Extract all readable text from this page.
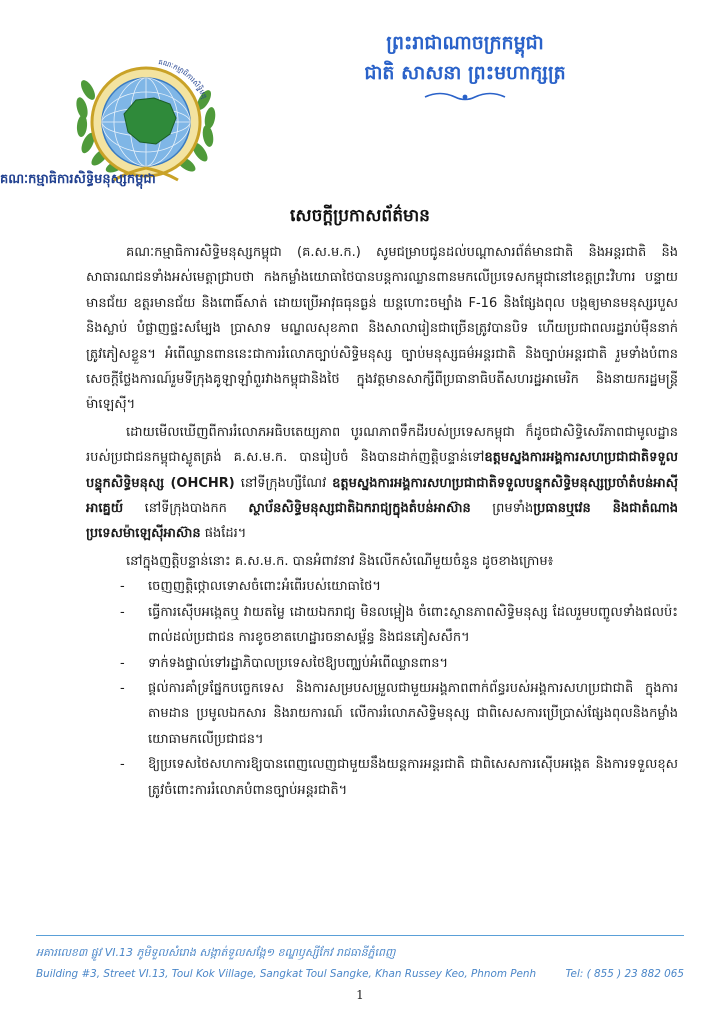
គណៈកម្មាធិការសិទ្ធិមនុស្សកម្ពុជា
គណៈកម្មាធិការសិទ្ធិមនុស្សកម្ពុជា
ព្រះរាជាណាចក្រកម្ពុជា
ជាតិ សាសនា ព្រះមហាក្សត្រ
សេចក្តីប្រកាសព័ត៌មាន

គណៈកម្មាធិការសិទ្ធិមនុស្សកម្ពុជា (គ.ស.ម.ក.) សូមជម្រាបជូនដល់បណ្តាសារព័ត៌មានជាតិ និងអន្តរជាតិ និងសាធារណជនទាំងអស់មេត្តាជ្រាបថា កងកម្លាំងយោធាថៃបានបន្តការឈ្លានពានមកលើប្រទេសកម្ពុជានៅខេត្តព្រះវិហារ បន្ទាយមានជ័យ ឧត្តរមានជ័យ និងពោធិ៍សាត់ ដោយប្រើអាវុធធុនធ្ងន់ យន្តហោះចម្បាំង F-16 និងផ្សែងពុល បង្កឲ្យមានមនុស្សរបួសនិងស្លាប់ បំផ្លាញផ្ទះសម្បែង ប្រាសាទ មណ្ឌលសុខភាព និងសាលារៀនជាច្រើនត្រូវបានបិទ ហើយប្រជាពលរដ្ឋរាប់ម៉ឺននាក់ត្រូវភៀសខ្លួន។ អំពើឈ្លានពាននេះជាការរំលោភច្បាប់សិទ្ធិមនុស្ស ច្បាប់មនុស្សធម៌អន្តរជាតិ និងច្បាប់អន្តរជាតិ រួមទាំងបំពានសេចក្តីថ្លែងការណ៍រួមទីក្រុងគូឡាឡាំពួរវាងកម្ពុជានិងថៃ ក្នុងវត្តមានសាក្សីពីប្រធានាធិបតីសហរដ្ឋអាមេរិក និងនាយករដ្ឋមន្ត្រីម៉ាឡេស៊ី។

ដោយមើលឃើញពីការរំលោភអធិបតេយ្យភាព បូរណភាពទឹកដីរបស់ប្រទេសកម្ពុជា ក៏ដូចជាសិទ្ធិសេរីភាពជាមូលដ្ឋានរបស់ប្រជាជនកម្ពុជាស្លូតត្រង់ គ.ស.ម.ក. បានរៀបចំ និងបានដាក់ញត្តិបន្ទាន់ទៅឧត្តមស្នងការអង្គការសហប្រជាជាតិទទួលបន្ទុកសិទ្ធិមនុស្ស (OHCHR) នៅទីក្រុងហ្សឺណែវ ឧត្តមស្នងការអង្គការសហប្រជាជាតិទទួលបន្ទុកសិទ្ធិមនុស្សប្រចាំតំបន់អាស៊ីអាគ្នេយ៍ នៅទីក្រុងបាងកក ស្ថាប័នសិទ្ធិមនុស្សជាតិឯករាជ្យក្នុងតំបន់អាស៊ាន ព្រមទាំងប្រធានឬវេន និងជាតំណាងប្រទេសម៉ាឡេស៊ីអាស៊ាន ផងដែរ។

នៅក្នុងញត្តិបន្ទាន់នោះ គ.ស.ម.ក. បានអំពាវនាវ និងលើកសំណើមួយចំនួន ដូចខាងក្រោម៖

- ចេញញត្តិថ្កោលទោសចំពោះអំពើរបស់យោធាថៃ។
- ធ្វើការស៊ើបអង្កេតឬ វាយតម្លៃ ដោយឯករាជ្យ មិនលម្អៀង ចំពោះស្ថានភាពសិទ្ធិមនុស្ស ដែលរួមបញ្ចូលទាំងផលប៉ះពាល់ដល់ប្រជាជន ការខូចខាតហេដ្ឋារចនាសម្ព័ន្ធ និងជនភៀសសឹក។
- ទាក់ទងផ្ទាល់ទៅរដ្ឋាភិបាលប្រទេសថៃឱ្យបញ្ឈប់អំពើឈ្លានពាន។
- ផ្តល់ការគាំទ្រផ្នែកបច្ចេកទេស និងការសម្របសម្រួលជាមួយអង្គភាពពាក់ព័ន្ធរបស់អង្គការសហប្រជាជាតិ ក្នុងការតាមដាន ប្រមូលឯកសារ និងរាយការណ៍ លើការរំលោភសិទ្ធិមនុស្ស ជាពិសេសការប្រើប្រាស់ផ្សែងពុលនិងកម្លាំងយោធាមកលើប្រជាជន។
- ឱ្យប្រទេសថៃសហការឱ្យបានពេញលេញជាមួយនឹងយន្តការអន្តរជាតិ ជាពិសេសការស៊ើបអង្កេត និងការទទួលខុសត្រូវចំពោះការរំលោភបំពានច្បាប់អន្តរជាតិ។
អគារលេខ៣ ផ្លូវ VI.13 ភូមិទួលសំរោង សង្កាត់ទួលសង្កែ១ ខណ្ឌឫស្សីកែវ រាជធានីភ្នំពេញ
Building #3, Street VI.13, Toul Kok Village, Sangkat Toul Sangke, Khan Russey Keo, Phnom Penh	Tel: ( 855 ) 23 882 065
1
